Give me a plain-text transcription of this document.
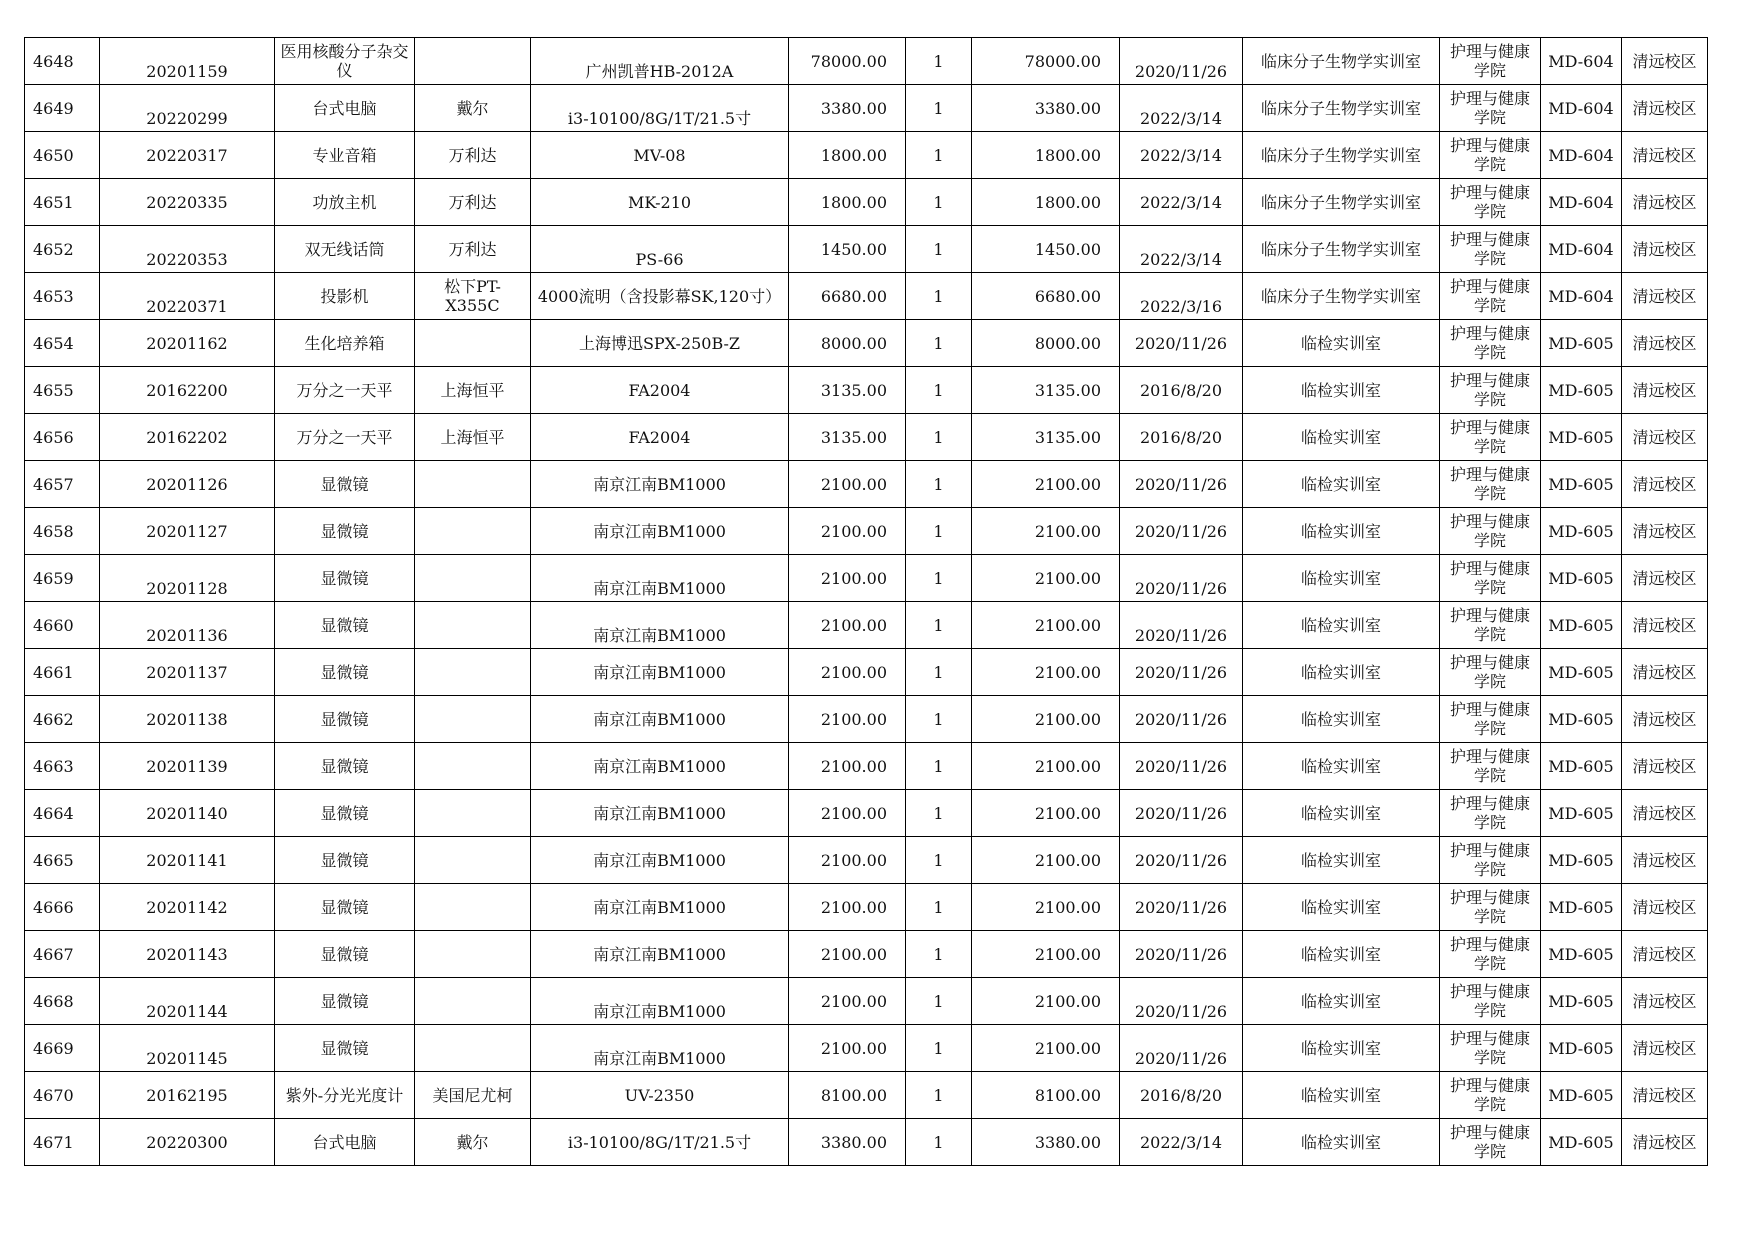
4648	20201159	医用核酸分子杂交仪		广州凯普HB-2012A	78000.00	1	78000.00	2020/11/26	临床分子生物学实训室	护理与健康学院	MD-604	清远校区
4649	20220299	台式电脑	戴尔	i3-10100/8G/1T/21.5寸	3380.00	1	3380.00	2022/3/14	临床分子生物学实训室	护理与健康学院	MD-604	清远校区
4650	20220317	专业音箱	万利达	MV-08	1800.00	1	1800.00	2022/3/14	临床分子生物学实训室	护理与健康学院	MD-604	清远校区
4651	20220335	功放主机	万利达	MK-210	1800.00	1	1800.00	2022/3/14	临床分子生物学实训室	护理与健康学院	MD-604	清远校区
4652	20220353	双无线话筒	万利达	PS-66	1450.00	1	1450.00	2022/3/14	临床分子生物学实训室	护理与健康学院	MD-604	清远校区
4653	20220371	投影机	松下PT-X355C	4000流明（含投影幕SK,120寸）	6680.00	1	6680.00	2022/3/16	临床分子生物学实训室	护理与健康学院	MD-604	清远校区
4654	20201162	生化培养箱		上海博迅SPX-250B-Z	8000.00	1	8000.00	2020/11/26	临检实训室	护理与健康学院	MD-605	清远校区
4655	20162200	万分之一天平	上海恒平	FA2004	3135.00	1	3135.00	2016/8/20	临检实训室	护理与健康学院	MD-605	清远校区
4656	20162202	万分之一天平	上海恒平	FA2004	3135.00	1	3135.00	2016/8/20	临检实训室	护理与健康学院	MD-605	清远校区
4657	20201126	显微镜		南京江南BM1000	2100.00	1	2100.00	2020/11/26	临检实训室	护理与健康学院	MD-605	清远校区
4658	20201127	显微镜		南京江南BM1000	2100.00	1	2100.00	2020/11/26	临检实训室	护理与健康学院	MD-605	清远校区
4659	20201128	显微镜		南京江南BM1000	2100.00	1	2100.00	2020/11/26	临检实训室	护理与健康学院	MD-605	清远校区
4660	20201136	显微镜		南京江南BM1000	2100.00	1	2100.00	2020/11/26	临检实训室	护理与健康学院	MD-605	清远校区
4661	20201137	显微镜		南京江南BM1000	2100.00	1	2100.00	2020/11/26	临检实训室	护理与健康学院	MD-605	清远校区
4662	20201138	显微镜		南京江南BM1000	2100.00	1	2100.00	2020/11/26	临检实训室	护理与健康学院	MD-605	清远校区
4663	20201139	显微镜		南京江南BM1000	2100.00	1	2100.00	2020/11/26	临检实训室	护理与健康学院	MD-605	清远校区
4664	20201140	显微镜		南京江南BM1000	2100.00	1	2100.00	2020/11/26	临检实训室	护理与健康学院	MD-605	清远校区
4665	20201141	显微镜		南京江南BM1000	2100.00	1	2100.00	2020/11/26	临检实训室	护理与健康学院	MD-605	清远校区
4666	20201142	显微镜		南京江南BM1000	2100.00	1	2100.00	2020/11/26	临检实训室	护理与健康学院	MD-605	清远校区
4667	20201143	显微镜		南京江南BM1000	2100.00	1	2100.00	2020/11/26	临检实训室	护理与健康学院	MD-605	清远校区
4668	20201144	显微镜		南京江南BM1000	2100.00	1	2100.00	2020/11/26	临检实训室	护理与健康学院	MD-605	清远校区
4669	20201145	显微镜		南京江南BM1000	2100.00	1	2100.00	2020/11/26	临检实训室	护理与健康学院	MD-605	清远校区
4670	20162195	紫外-分光光度计	美国尼尤柯	UV-2350	8100.00	1	8100.00	2016/8/20	临检实训室	护理与健康学院	MD-605	清远校区
4671	20220300	台式电脑	戴尔	i3-10100/8G/1T/21.5寸	3380.00	1	3380.00	2022/3/14	临检实训室	护理与健康学院	MD-605	清远校区
